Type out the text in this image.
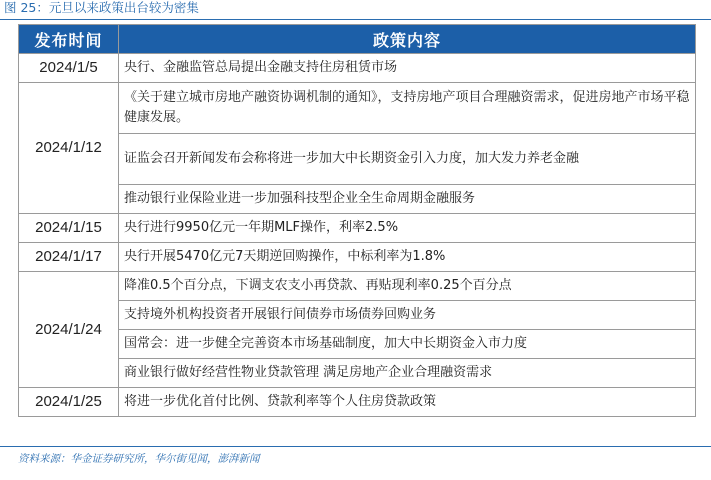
图 25：元旦以来政策出台较为密集
发布时间	政策内容
2024/1/5	央行、金融监管总局提出金融支持住房租赁市场
2024/1/12	《关于建立城市房地产融资协调机制的通知》，支持房地产项目合理融资需求，促进房地产市场平稳健康发展。
	证监会召开新闻发布会称将进一步加大中长期资金引入力度，加大发力养老金融
	推动银行业保险业进一步加强科技型企业全生命周期金融服务
2024/1/15	央行进行9950亿元一年期MLF操作，利率2.5%
2024/1/17	央行开展5470亿元7天期逆回购操作，中标利率为1.8%
2024/1/24	降准0.5个百分点，下调支农支小再贷款、再贴现利率0.25个百分点
	支持境外机构投资者开展银行间债券市场债券回购业务
	国常会：进一步健全完善资本市场基础制度，加大中长期资金入市力度
	商业银行做好经营性物业贷款管理 满足房地产企业合理融资需求
2024/1/25	将进一步优化首付比例、贷款利率等个人住房贷款政策
资料来源：华金证券研究所，华尔街见闻，澎湃新闻
